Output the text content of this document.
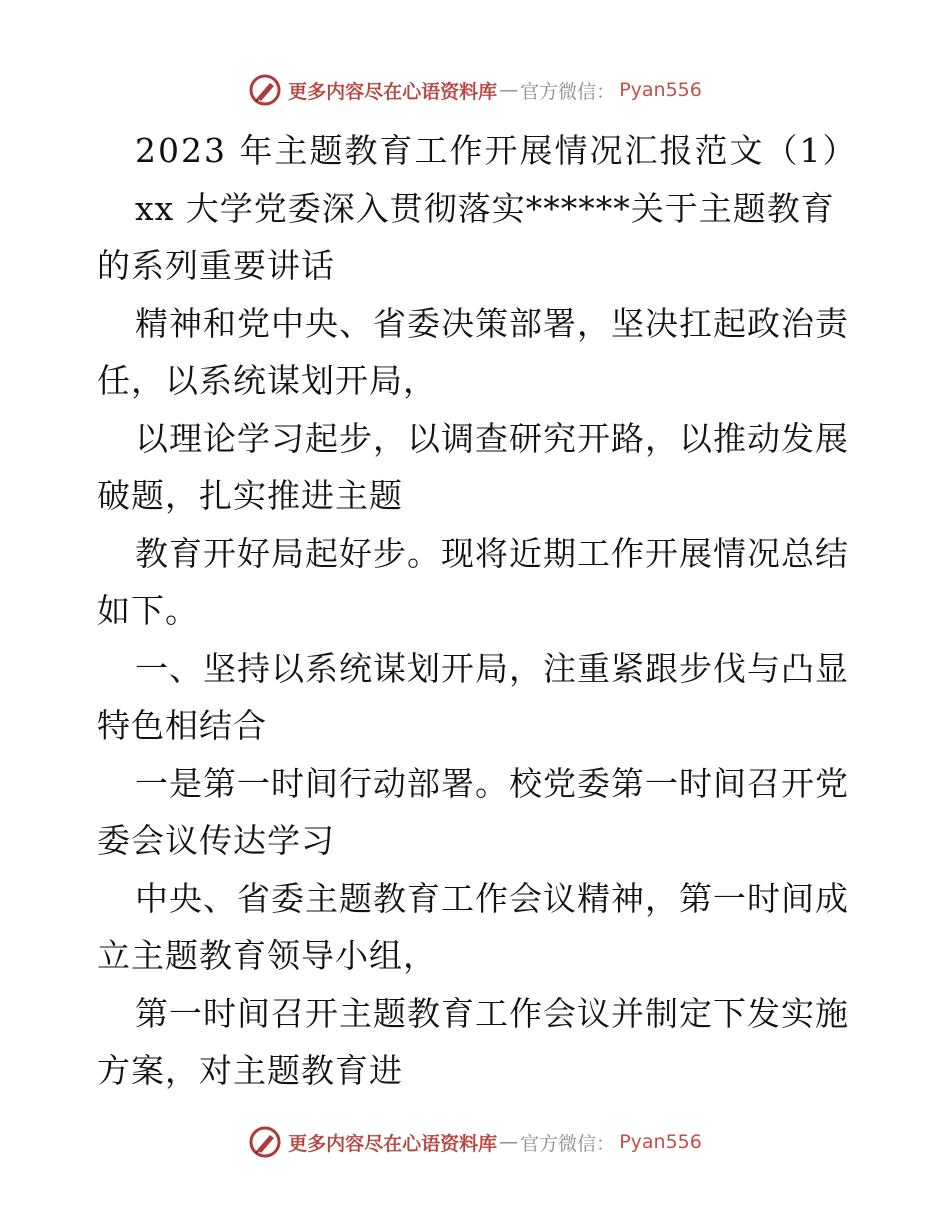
更多内容尽在心语资料库 — 官方微信： Pyan556
2023 年主题教育工作开展情况汇报范文（1）
xx 大学党委深入贯彻落实******关于主题教育
的系列重要讲话
精神和党中央、省委决策部署，坚决扛起政治责
任，以系统谋划开局，
以理论学习起步，以调查研究开路，以推动发展
破题，扎实推进主题
教育开好局起好步。现将近期工作开展情况总结
如下。
一、坚持以系统谋划开局，注重紧跟步伐与凸显
特色相结合
一是第一时间行动部署。校党委第一时间召开党
委会议传达学习
中央、省委主题教育工作会议精神，第一时间成
立主题教育领导小组，
第一时间召开主题教育工作会议并制定下发实施
方案，对主题教育进
更多内容尽在心语资料库 — 官方微信： Pyan556
